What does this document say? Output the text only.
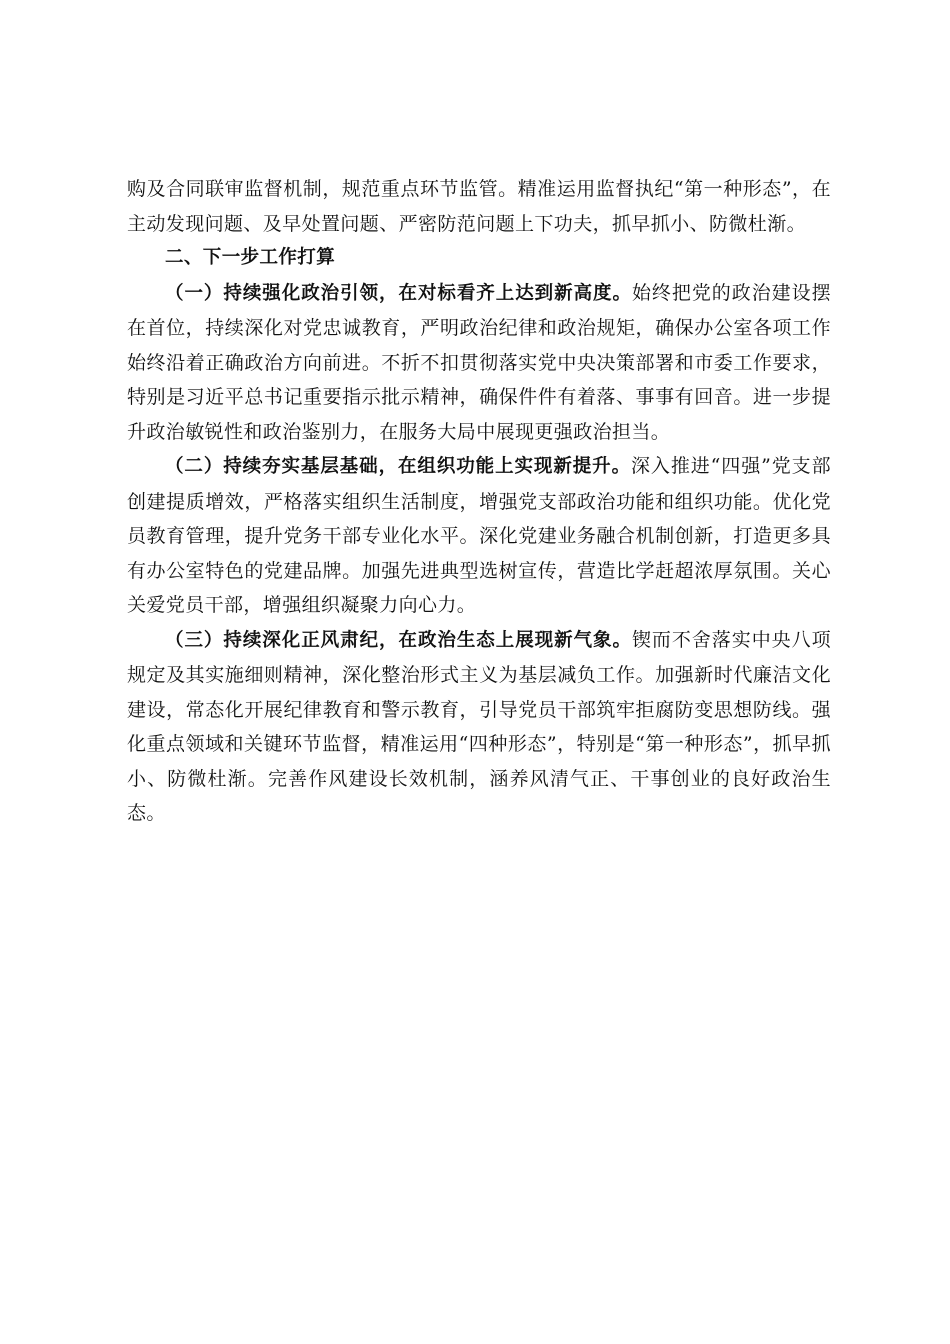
购及合同联审监督机制，规范重点环节监管。精准运用监督执纪“第一种形态”，在主动发现问题、及早处置问题、严密防范问题上下功夫，抓早抓小、防微杜渐。

二、下一步工作打算

（一）持续强化政治引领，在对标看齐上达到新高度。始终把党的政治建设摆在首位，持续深化对党忠诚教育，严明政治纪律和政治规矩，确保办公室各项工作始终沿着正确政治方向前进。不折不扣贯彻落实党中央决策部署和市委工作要求，特别是习近平总书记重要指示批示精神，确保件件有着落、事事有回音。进一步提升政治敏锐性和政治鉴别力，在服务大局中展现更强政治担当。

（二）持续夯实基层基础，在组织功能上实现新提升。深入推进“四强”党支部创建提质增效，严格落实组织生活制度，增强党支部政治功能和组织功能。优化党员教育管理，提升党务干部专业化水平。深化党建业务融合机制创新，打造更多具有办公室特色的党建品牌。加强先进典型选树宣传，营造比学赶超浓厚氛围。关心关爱党员干部，增强组织凝聚力向心力。

（三）持续深化正风肃纪，在政治生态上展现新气象。锲而不舍落实中央八项规定及其实施细则精神，深化整治形式主义为基层减负工作。加强新时代廉洁文化建设，常态化开展纪律教育和警示教育，引导党员干部筑牢拒腐防变思想防线。强化重点领域和关键环节监督，精准运用“四种形态”，特别是“第一种形态”，抓早抓小、防微杜渐。完善作风建设长效机制，涵养风清气正、干事创业的良好政治生态。
